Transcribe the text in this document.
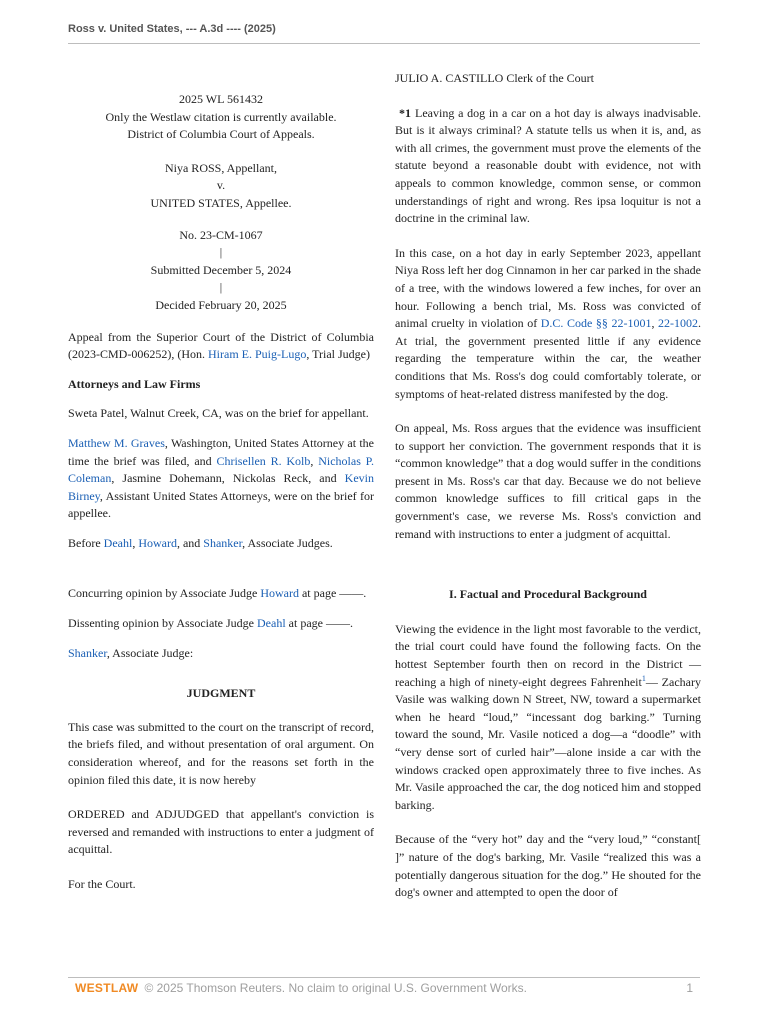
Ross v. United States, --- A.3d ---- (2025)

2025 WL 561432

Only the Westlaw citation is currently available.

District of Columbia Court of Appeals.

Niya ROSS, Appellant,

v.

UNITED STATES, Appellee.

No. 23-CM-1067

|

Submitted December 5, 2024

|

Decided February 20, 2025

Appeal from the Superior Court of the District of Columbia (2023-CMD-006252), (Hon. Hiram E. Puig-Lugo, Trial Judge)

Attorneys and Law Firms

Sweta Patel, Walnut Creek, CA, was on the brief for appellant.

Matthew M. Graves, Washington, United States Attorney at the time the brief was filed, and Chrisellen R. Kolb, Nicholas P. Coleman, Jasmine Dohemann, Nickolas Reck, and Kevin Birney, Assistant United States Attorneys, were on the brief for appellee.

Before Deahl, Howard, and Shanker, Associate Judges.

Concurring opinion by Associate Judge Howard at page ——.

Dissenting opinion by Associate Judge Deahl at page ——.

Shanker, Associate Judge:

JUDGMENT

This case was submitted to the court on the transcript of record, the briefs filed, and without presentation of oral argument. On consideration whereof, and for the reasons set forth in the opinion filed this date, it is now hereby

ORDERED and ADJUDGED that appellant's conviction is reversed and remanded with instructions to enter a judgment of acquittal.

For the Court.

JULIO A. CASTILLO Clerk of the Court

*1 Leaving a dog in a car on a hot day is always inadvisable. But is it always criminal? A statute tells us when it is, and, as with all crimes, the government must prove the elements of the statute beyond a reasonable doubt with evidence, not with appeals to common knowledge, common sense, or common understandings of right and wrong. Res ipsa loquitur is not a doctrine in the criminal law.

In this case, on a hot day in early September 2023, appellant Niya Ross left her dog Cinnamon in her car parked in the shade of a tree, with the windows lowered a few inches, for over an hour. Following a bench trial, Ms. Ross was convicted of animal cruelty in violation of D.C. Code §§ 22-1001, 22-1002. At trial, the government presented little if any evidence regarding the temperature within the car, the weather conditions that Ms. Ross's dog could comfortably tolerate, or symptoms of heat-related distress manifested by the dog.

On appeal, Ms. Ross argues that the evidence was insufficient to support her conviction. The government responds that it is “common knowledge” that a dog would suffer in the conditions present in Ms. Ross's car that day. Because we do not believe common knowledge suffices to fill critical gaps in the government's case, we reverse Ms. Ross's conviction and remand with instructions to enter a judgment of acquittal.

I. Factual and Procedural Background

Viewing the evidence in the light most favorable to the verdict, the trial court could have found the following facts. On the hottest September fourth then on record in the District —reaching a high of ninety-eight degrees Fahrenheit$^1$— Zachary Vasile was walking down N Street, NW, toward a supermarket when he heard “loud,” “incessant dog barking.” Turning toward the sound, Mr. Vasile noticed a dog—a “doodle” with “very dense sort of curled hair”—alone inside a car with the windows cracked open approximately three to five inches. As Mr. Vasile approached the car, the dog noticed him and stopped barking.

Because of the “very hot” day and the “very loud,” “constant[ ]” nature of the dog's barking, Mr. Vasile “realized this was a potentially dangerous situation for the dog.” He shouted for the dog's owner and attempted to open the door of

WESTLAW © 2025 Thomson Reuters. No claim to original U.S. Government Works.	1
